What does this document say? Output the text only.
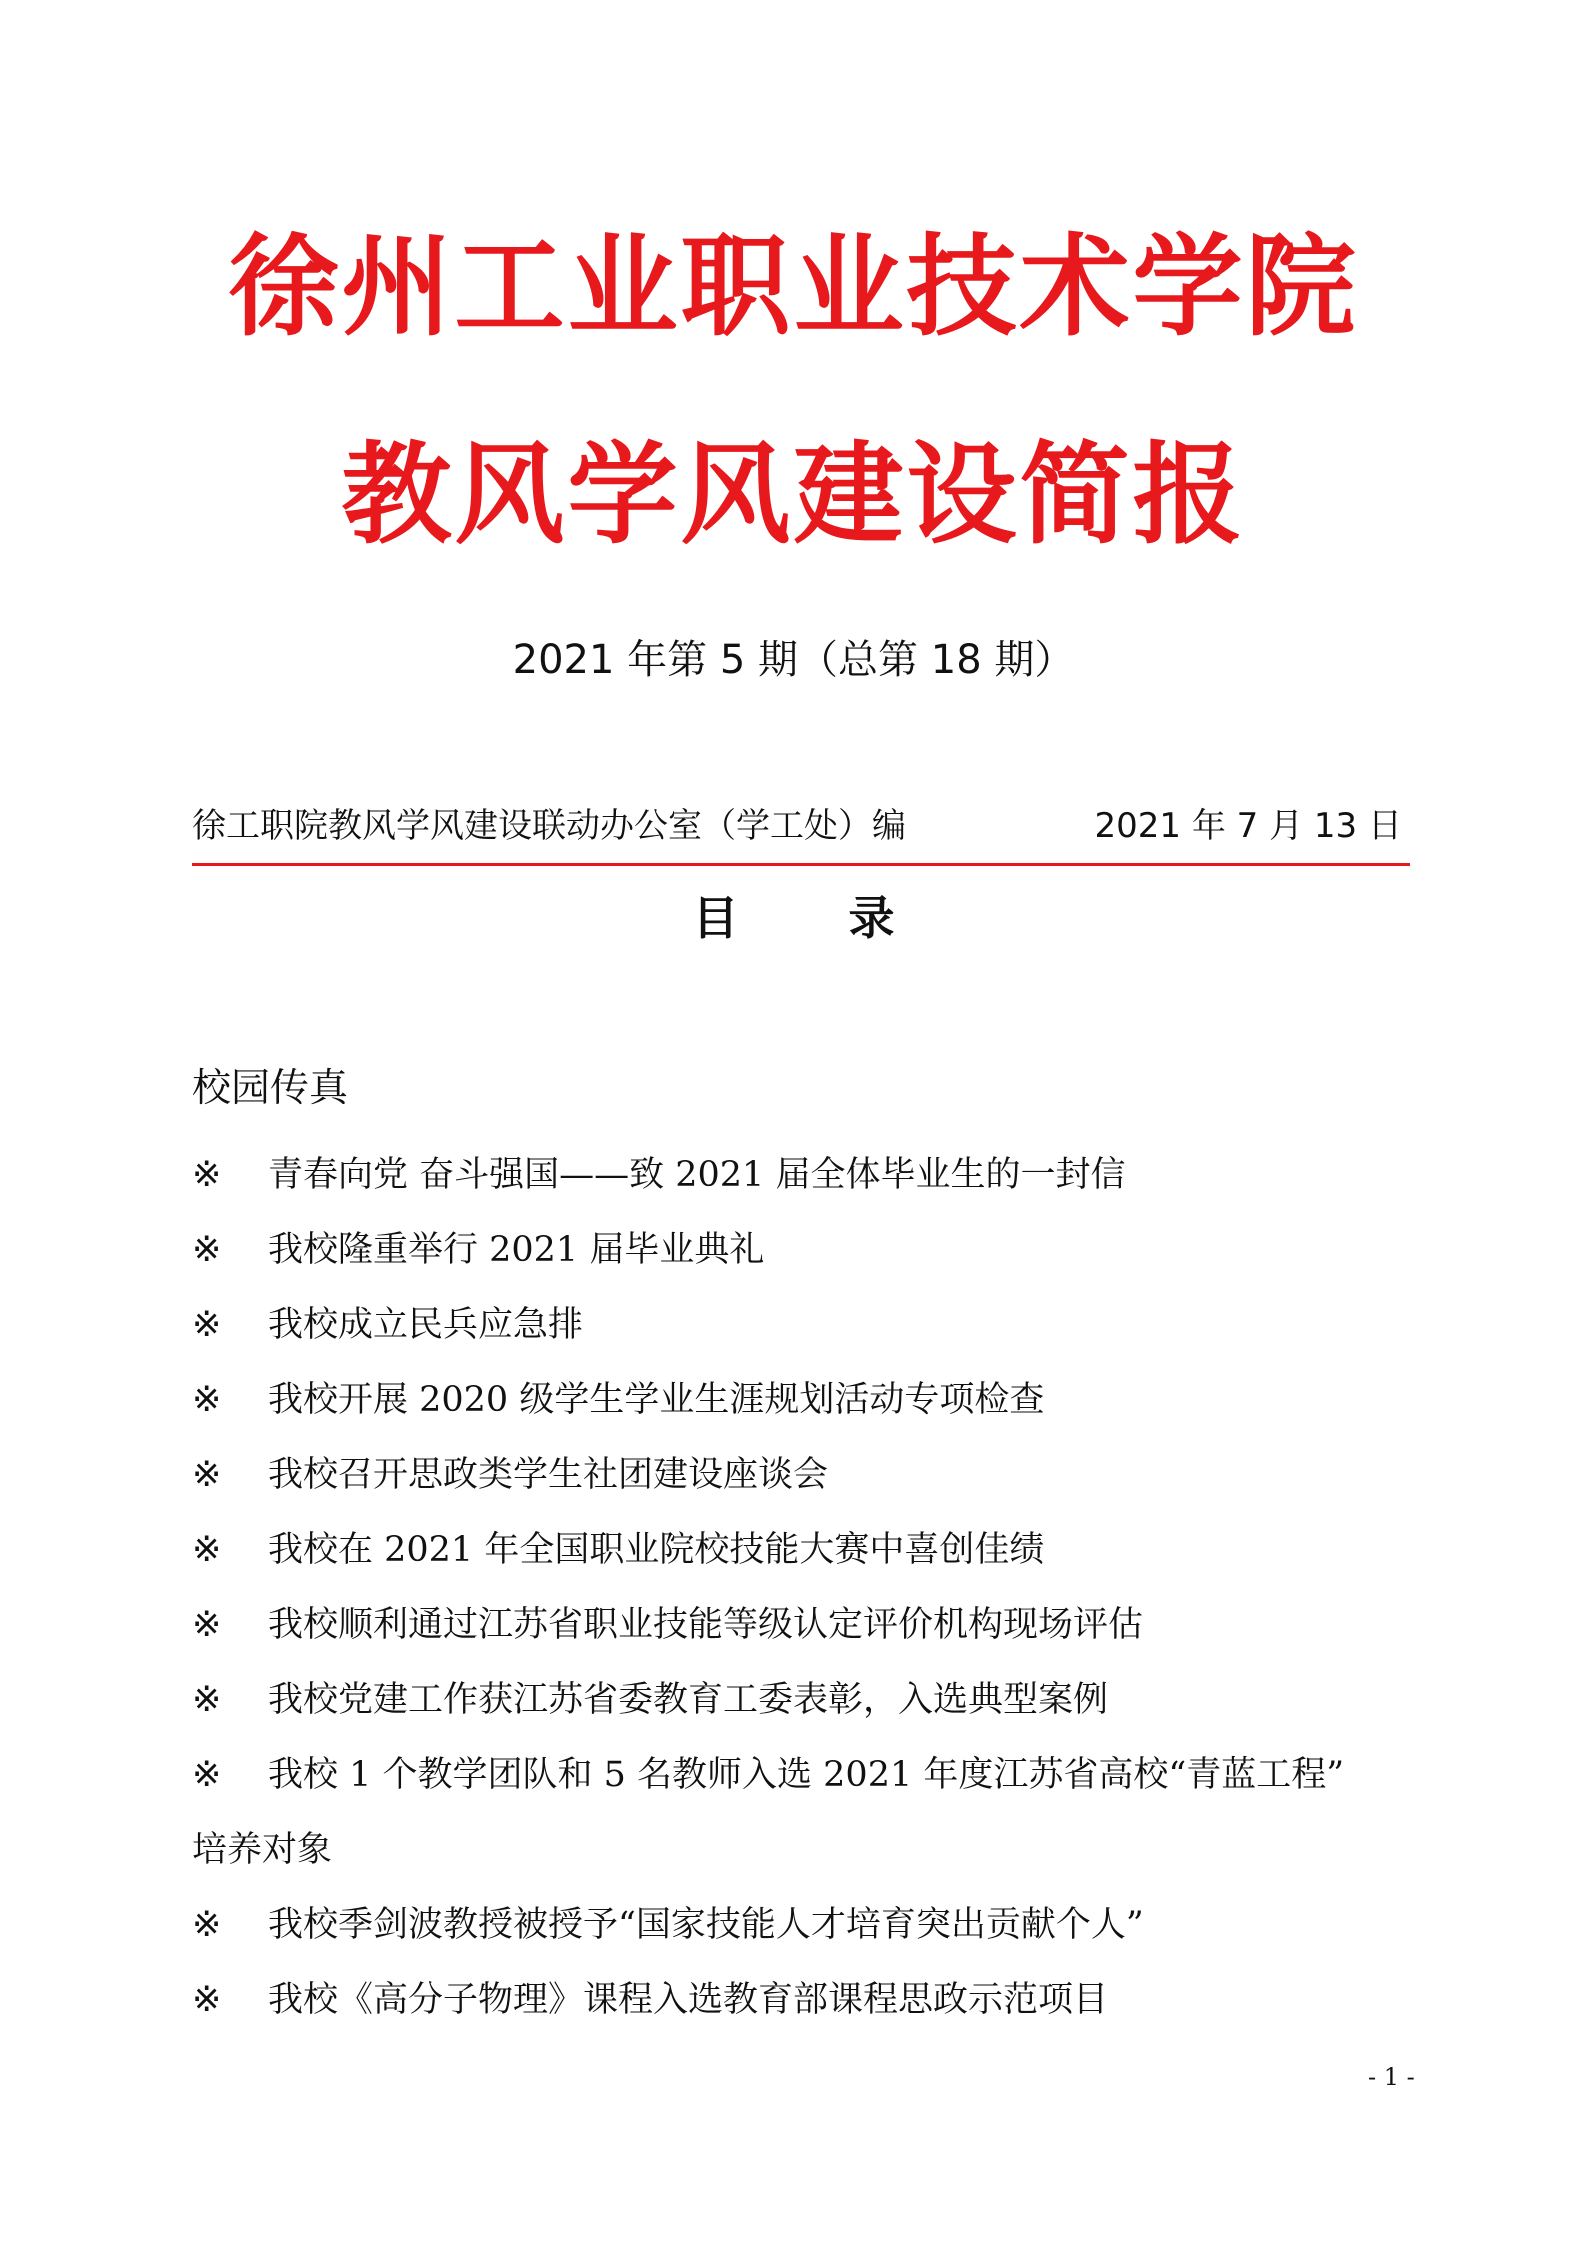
徐州工业职业技术学院
教风学风建设简报
2021 年第 5 期（总第 18 期）
徐工职院教风学风建设联动办公室（学工处）编	2021 年 7 月 13 日
目 录
校园传真
※ 青春向党 奋斗强国——致 2021 届全体毕业生的一封信
※ 我校隆重举行 2021 届毕业典礼
※ 我校成立民兵应急排
※ 我校开展 2020 级学生学业生涯规划活动专项检查
※ 我校召开思政类学生社团建设座谈会
※ 我校在 2021 年全国职业院校技能大赛中喜创佳绩
※ 我校顺利通过江苏省职业技能等级认定评价机构现场评估
※ 我校党建工作获江苏省委教育工委表彰，入选典型案例
※ 我校 1 个教学团队和 5 名教师入选 2021 年度江苏省高校“青蓝工程”
培养对象
※ 我校季剑波教授被授予“国家技能人才培育突出贡献个人”
※ 我校《高分子物理》课程入选教育部课程思政示范项目
- 1 -
